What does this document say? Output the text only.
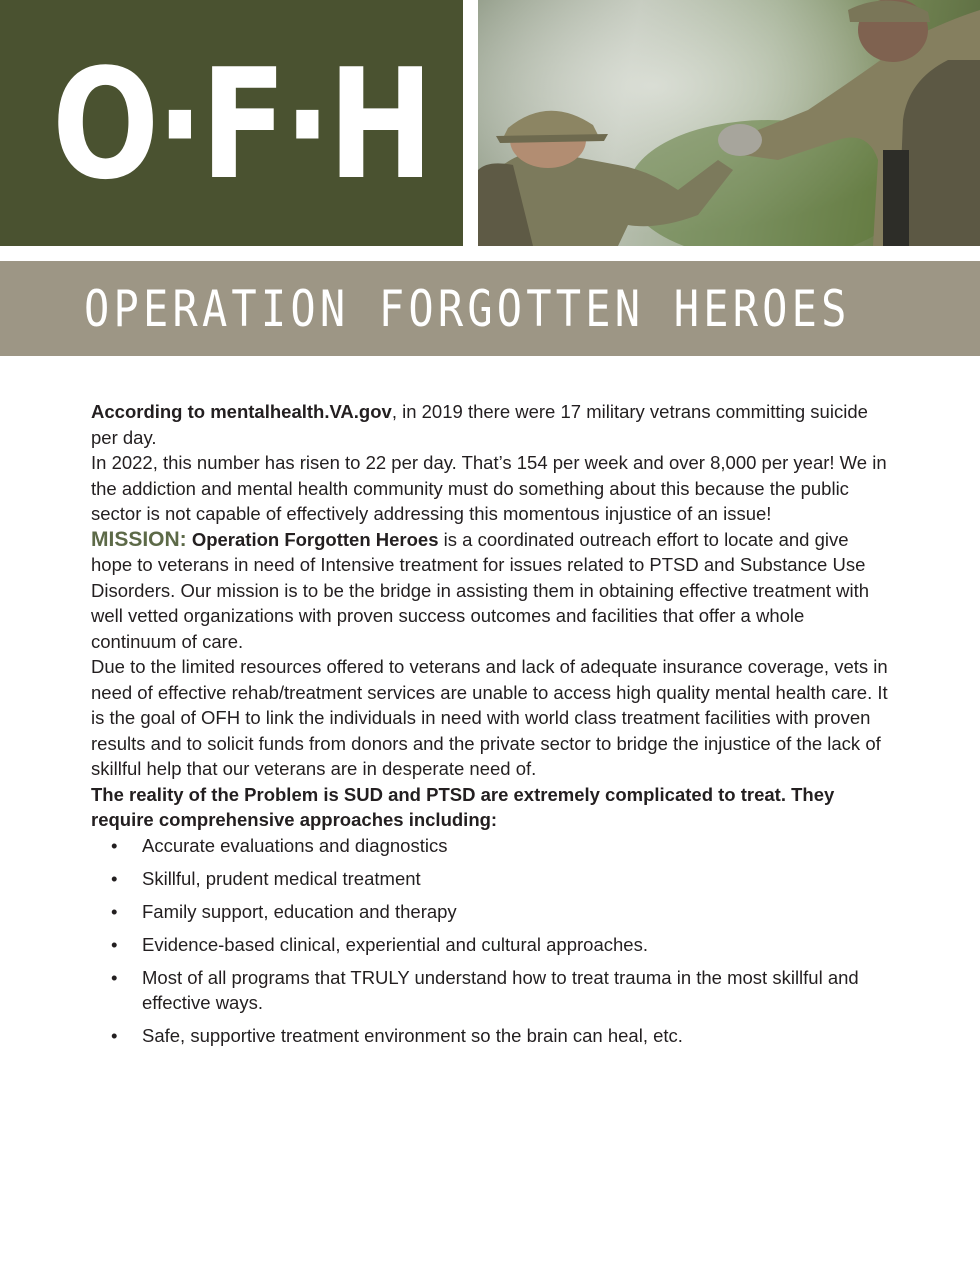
O·F·H
OPERATION FORGOTTEN HEROES

According to mentalhealth.VA.gov, in 2019 there were 17 military vetrans committing suicide per day.

In 2022, this number has risen to 22 per day. That’s 154 per week and over 8,000 per year! We in the addiction and mental health community must do something about this because the public sector is not capable of effectively addressing this momentous injustice of an issue!

MISSION: Operation Forgotten Heroes is a coordinated outreach effort to locate and give hope to veterans in need of Intensive treatment for issues related to PTSD and Substance Use Disorders. Our mission is to be the bridge in assisting them in obtaining effective treatment with well vetted organizations with proven success outcomes and facilities that offer a whole continuum of care.

Due to the limited resources offered to veterans and lack of adequate insurance coverage, vets in need of effective rehab/treatment services are unable to access high quality mental health care. It is the goal of OFH to link the individuals in need with world class treatment facilities with proven results and to solicit funds from donors and the private sector to bridge the injustice of the lack of skillful help that our veterans are in desperate need of.

The reality of the Problem is SUD and PTSD are extremely complicated to treat. They require comprehensive approaches including:

• Accurate evaluations and diagnostics
• Skillful, prudent medical treatment
• Family support, education and therapy
• Evidence-based clinical, experiential and cultural approaches.
• Most of all programs that TRULY understand how to treat trauma in the most skillful and effective ways.
• Safe, supportive treatment environment so the brain can heal, etc.
